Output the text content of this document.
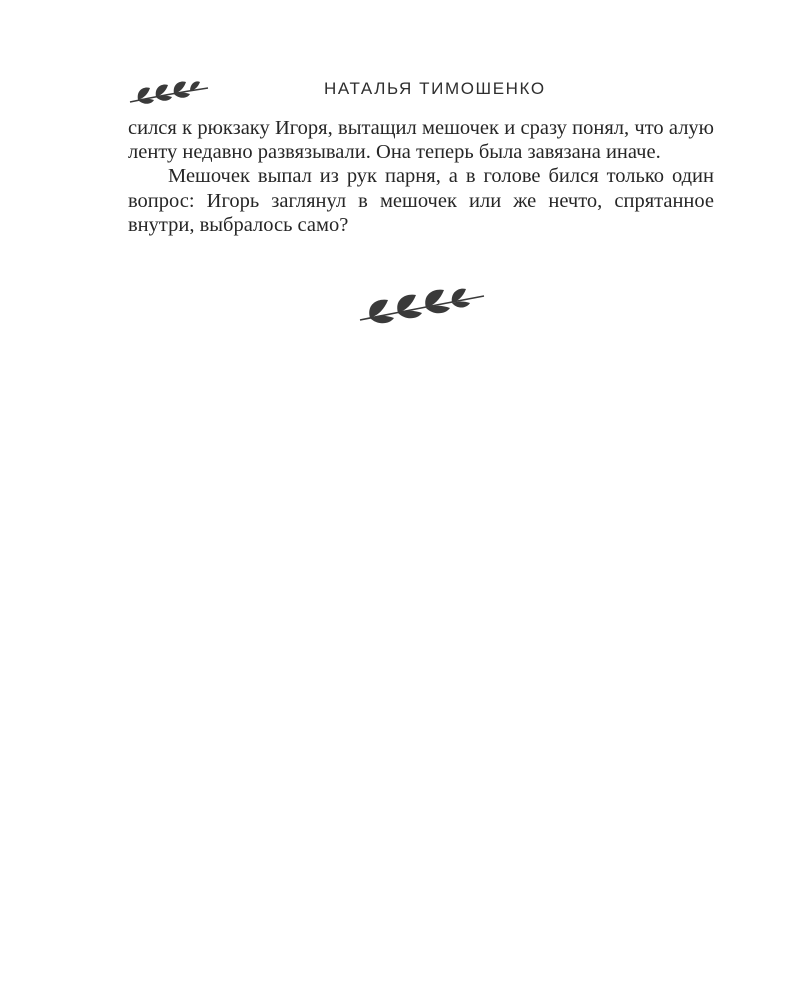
НАТАЛЬЯ ТИМОШЕНКО

сился к рюкзаку Игоря, вытащил мешочек и сразу понял, что алую ленту недавно развязывали. Она теперь была завязана иначе.

Мешочек выпал из рук парня, а в голове бился только один вопрос: Игорь заглянул в мешочек или же нечто, спрятанное внутри, выбралось само?
